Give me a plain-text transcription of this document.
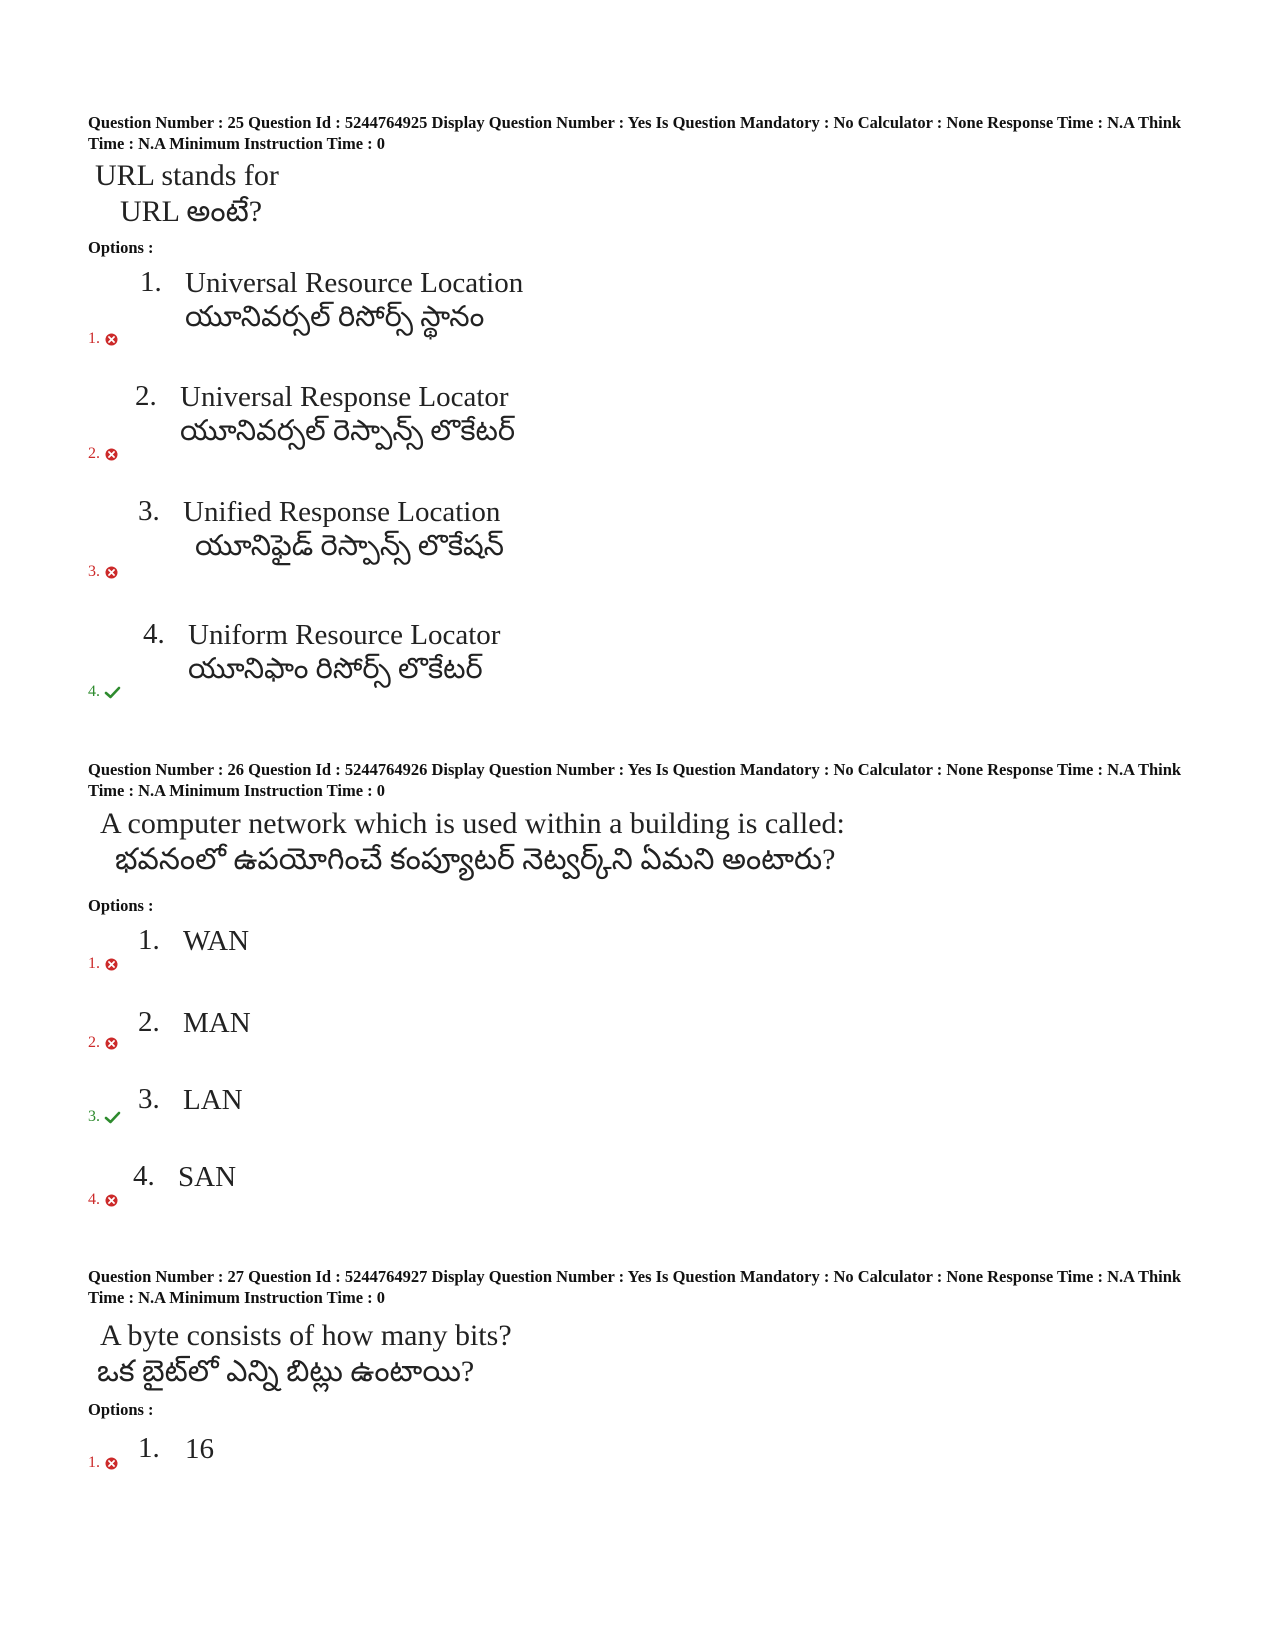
Question Number : 25 Question Id : 5244764925 Display Question Number : Yes Is Question Mandatory : No Calculator : None Response Time : N.A Think Time : N.A Minimum Instruction Time : 0
URL stands for
URL అంటే?
Options :
1. Universal Resource Location
యూనివర్సల్ రిసోర్స్ స్థానం
1.
2. Universal Response Locator
యూనివర్సల్ రెస్పాన్స్ లొకేటర్
2.
3. Unified Response Location
యూనిఫైడ్ రెస్పాన్స్ లొకేషన్
3.
4. Uniform Resource Locator
యూనిఫాం రిసోర్స్ లొకేటర్
4.
Question Number : 26 Question Id : 5244764926 Display Question Number : Yes Is Question Mandatory : No Calculator : None Response Time : N.A Think Time : N.A Minimum Instruction Time : 0
A computer network which is used within a building is called:
భవనంలో ఉపయోగించే కంప్యూటర్ నెట్వర్క్‌ని ఏమని అంటారు?
Options :
1. WAN
1.
2. MAN
2.
3. LAN
3.
4. SAN
4.
Question Number : 27 Question Id : 5244764927 Display Question Number : Yes Is Question Mandatory : No Calculator : None Response Time : N.A Think Time : N.A Minimum Instruction Time : 0
A byte consists of how many bits?
ఒక బైట్‌లో ఎన్ని బిట్లు ఉంటాయి?
Options :
1. 16
1.
